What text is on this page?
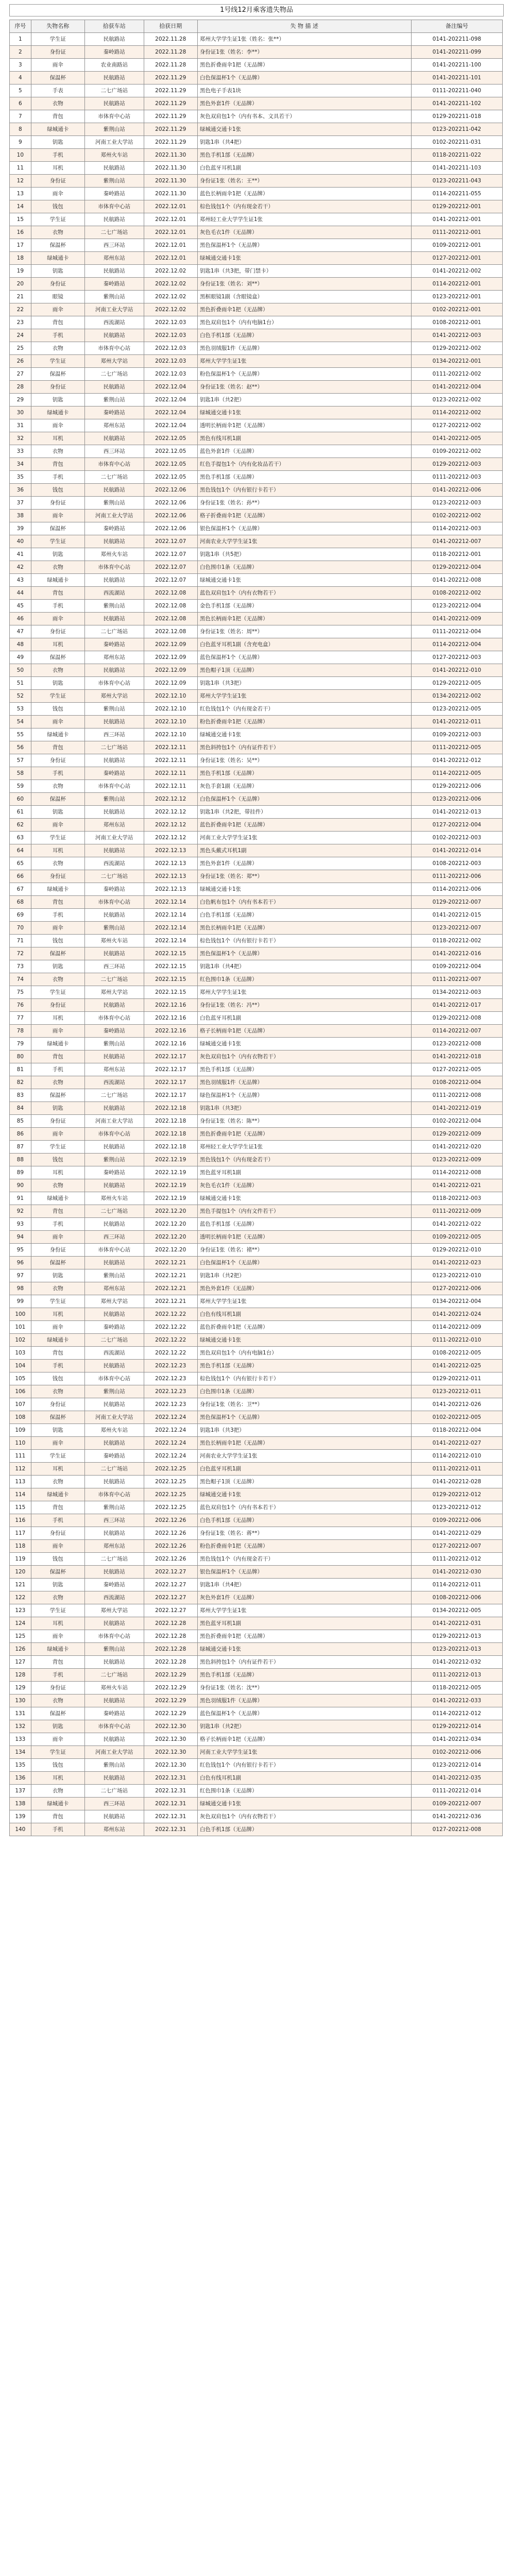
1号线12月乘客遗失物品
序号	失物名称	拾获车站	拾获日期	失 物 描 述	备注编号
1	学生证	民航路站	2022.11.28	郑州大学学生证1张（姓名：张**）	0141-202211-098
2	身份证	秦岭路站	2022.11.28	身份证1张（姓名：李**）	0141-202211-099
3	雨伞	农业南路站	2022.11.28	黑色折叠雨伞1把（无品牌）	0141-202211-100
4	保温杯	民航路站	2022.11.29	白色保温杯1个（无品牌）	0141-202211-101
5	手表	二七广场站	2022.11.29	黑色电子手表1块	0111-202211-040
6	衣物	民航路站	2022.11.29	黑色外套1件（无品牌）	0141-202211-102
7	背包	市体育中心站	2022.11.29	灰色双肩包1个（内有书本、文具若干）	0129-202211-018
8	绿城通卡	紫荆山站	2022.11.29	绿城通交通卡1张	0123-202211-042
9	钥匙	河南工业大学站	2022.11.29	钥匙1串（共4把）	0102-202211-031
10	手机	郑州火车站	2022.11.30	黑色手机1部（无品牌）	0118-202211-022
11	耳机	民航路站	2022.11.30	白色蓝牙耳机1副	0141-202211-103
12	身份证	紫荆山站	2022.11.30	身份证1张（姓名：王**）	0123-202211-043
13	雨伞	秦岭路站	2022.11.30	蓝色长柄雨伞1把（无品牌）	0114-202211-055
14	钱包	市体育中心站	2022.12.01	棕色钱包1个（内有现金若干）	0129-202212-001
15	学生证	民航路站	2022.12.01	郑州轻工业大学学生证1张	0141-202212-001
16	衣物	二七广场站	2022.12.01	灰色毛衣1件（无品牌）	0111-202212-001
17	保温杯	西三环站	2022.12.01	黑色保温杯1个（无品牌）	0109-202212-001
18	绿城通卡	郑州东站	2022.12.01	绿城通交通卡1张	0127-202212-001
19	钥匙	民航路站	2022.12.02	钥匙1串（共3把，带门禁卡）	0141-202212-002
20	身份证	秦岭路站	2022.12.02	身份证1张（姓名：刘**）	0114-202212-001
21	眼镜	紫荆山站	2022.12.02	黑框眼镜1副（含眼镜盒）	0123-202212-001
22	雨伞	河南工业大学站	2022.12.02	黑色折叠雨伞1把（无品牌）	0102-202212-001
23	背包	西流湖站	2022.12.03	黑色双肩包1个（内有电脑1台）	0108-202212-001
24	手机	民航路站	2022.12.03	白色手机1部（无品牌）	0141-202212-003
25	衣物	市体育中心站	2022.12.03	黑色羽绒服1件（无品牌）	0129-202212-002
26	学生证	郑州大学站	2022.12.03	郑州大学学生证1张	0134-202212-001
27	保温杯	二七广场站	2022.12.03	粉色保温杯1个（无品牌）	0111-202212-002
28	身份证	民航路站	2022.12.04	身份证1张（姓名：赵**）	0141-202212-004
29	钥匙	紫荆山站	2022.12.04	钥匙1串（共2把）	0123-202212-002
30	绿城通卡	秦岭路站	2022.12.04	绿城通交通卡1张	0114-202212-002
31	雨伞	郑州东站	2022.12.04	透明长柄雨伞1把（无品牌）	0127-202212-002
32	耳机	民航路站	2022.12.05	黑色有线耳机1副	0141-202212-005
33	衣物	西三环站	2022.12.05	蓝色外套1件（无品牌）	0109-202212-002
34	背包	市体育中心站	2022.12.05	红色手提包1个（内有化妆品若干）	0129-202212-003
35	手机	二七广场站	2022.12.05	黑色手机1部（无品牌）	0111-202212-003
36	钱包	民航路站	2022.12.06	黑色钱包1个（内有银行卡若干）	0141-202212-006
37	身份证	紫荆山站	2022.12.06	身份证1张（姓名：孙**）	0123-202212-003
38	雨伞	河南工业大学站	2022.12.06	格子折叠雨伞1把（无品牌）	0102-202212-002
39	保温杯	秦岭路站	2022.12.06	银色保温杯1个（无品牌）	0114-202212-003
40	学生证	民航路站	2022.12.07	河南农业大学学生证1张	0141-202212-007
41	钥匙	郑州火车站	2022.12.07	钥匙1串（共5把）	0118-202212-001
42	衣物	市体育中心站	2022.12.07	白色围巾1条（无品牌）	0129-202212-004
43	绿城通卡	民航路站	2022.12.07	绿城通交通卡1张	0141-202212-008
44	背包	西流湖站	2022.12.08	蓝色双肩包1个（内有衣物若干）	0108-202212-002
45	手机	紫荆山站	2022.12.08	金色手机1部（无品牌）	0123-202212-004
46	雨伞	民航路站	2022.12.08	黑色长柄雨伞1把（无品牌）	0141-202212-009
47	身份证	二七广场站	2022.12.08	身份证1张（姓名：周**）	0111-202212-004
48	耳机	秦岭路站	2022.12.09	白色蓝牙耳机1副（含充电盒）	0114-202212-004
49	保温杯	郑州东站	2022.12.09	蓝色保温杯1个（无品牌）	0127-202212-003
50	衣物	民航路站	2022.12.09	黑色帽子1顶（无品牌）	0141-202212-010
51	钥匙	市体育中心站	2022.12.09	钥匙1串（共3把）	0129-202212-005
52	学生证	郑州大学站	2022.12.10	郑州大学学生证1张	0134-202212-002
53	钱包	紫荆山站	2022.12.10	红色钱包1个（内有现金若干）	0123-202212-005
54	雨伞	民航路站	2022.12.10	粉色折叠雨伞1把（无品牌）	0141-202212-011
55	绿城通卡	西三环站	2022.12.10	绿城通交通卡1张	0109-202212-003
56	背包	二七广场站	2022.12.11	黑色斜挎包1个（内有证件若干）	0111-202212-005
57	身份证	民航路站	2022.12.11	身份证1张（姓名：吴**）	0141-202212-012
58	手机	秦岭路站	2022.12.11	黑色手机1部（无品牌）	0114-202212-005
59	衣物	市体育中心站	2022.12.11	灰色手套1副（无品牌）	0129-202212-006
60	保温杯	紫荆山站	2022.12.12	白色保温杯1个（无品牌）	0123-202212-006
61	钥匙	民航路站	2022.12.12	钥匙1串（共2把，带挂件）	0141-202212-013
62	雨伞	郑州东站	2022.12.12	蓝色折叠雨伞1把（无品牌）	0127-202212-004
63	学生证	河南工业大学站	2022.12.12	河南工业大学学生证1张	0102-202212-003
64	耳机	民航路站	2022.12.13	黑色头戴式耳机1副	0141-202212-014
65	衣物	西流湖站	2022.12.13	黑色外套1件（无品牌）	0108-202212-003
66	身份证	二七广场站	2022.12.13	身份证1张（姓名：郑**）	0111-202212-006
67	绿城通卡	秦岭路站	2022.12.13	绿城通交通卡1张	0114-202212-006
68	背包	市体育中心站	2022.12.14	白色帆布包1个（内有书本若干）	0129-202212-007
69	手机	民航路站	2022.12.14	白色手机1部（无品牌）	0141-202212-015
70	雨伞	紫荆山站	2022.12.14	黑色长柄雨伞1把（无品牌）	0123-202212-007
71	钱包	郑州火车站	2022.12.14	棕色钱包1个（内有银行卡若干）	0118-202212-002
72	保温杯	民航路站	2022.12.15	黑色保温杯1个（无品牌）	0141-202212-016
73	钥匙	西三环站	2022.12.15	钥匙1串（共4把）	0109-202212-004
74	衣物	二七广场站	2022.12.15	红色围巾1条（无品牌）	0111-202212-007
75	学生证	郑州大学站	2022.12.15	郑州大学学生证1张	0134-202212-003
76	身份证	民航路站	2022.12.16	身份证1张（姓名：冯**）	0141-202212-017
77	耳机	市体育中心站	2022.12.16	白色蓝牙耳机1副	0129-202212-008
78	雨伞	秦岭路站	2022.12.16	格子长柄雨伞1把（无品牌）	0114-202212-007
79	绿城通卡	紫荆山站	2022.12.16	绿城通交通卡1张	0123-202212-008
80	背包	民航路站	2022.12.17	灰色双肩包1个（内有衣物若干）	0141-202212-018
81	手机	郑州东站	2022.12.17	黑色手机1部（无品牌）	0127-202212-005
82	衣物	西流湖站	2022.12.17	黑色羽绒服1件（无品牌）	0108-202212-004
83	保温杯	二七广场站	2022.12.17	绿色保温杯1个（无品牌）	0111-202212-008
84	钥匙	民航路站	2022.12.18	钥匙1串（共3把）	0141-202212-019
85	身份证	河南工业大学站	2022.12.18	身份证1张（姓名：陈**）	0102-202212-004
86	雨伞	市体育中心站	2022.12.18	黑色折叠雨伞1把（无品牌）	0129-202212-009
87	学生证	民航路站	2022.12.18	郑州轻工业大学学生证1张	0141-202212-020
88	钱包	紫荆山站	2022.12.19	黑色钱包1个（内有现金若干）	0123-202212-009
89	耳机	秦岭路站	2022.12.19	黑色蓝牙耳机1副	0114-202212-008
90	衣物	民航路站	2022.12.19	灰色毛衣1件（无品牌）	0141-202212-021
91	绿城通卡	郑州火车站	2022.12.19	绿城通交通卡1张	0118-202212-003
92	背包	二七广场站	2022.12.20	黑色手提包1个（内有文件若干）	0111-202212-009
93	手机	民航路站	2022.12.20	蓝色手机1部（无品牌）	0141-202212-022
94	雨伞	西三环站	2022.12.20	透明长柄雨伞1把（无品牌）	0109-202212-005
95	身份证	市体育中心站	2022.12.20	身份证1张（姓名：褚**）	0129-202212-010
96	保温杯	民航路站	2022.12.21	白色保温杯1个（无品牌）	0141-202212-023
97	钥匙	紫荆山站	2022.12.21	钥匙1串（共2把）	0123-202212-010
98	衣物	郑州东站	2022.12.21	黑色外套1件（无品牌）	0127-202212-006
99	学生证	郑州大学站	2022.12.21	郑州大学学生证1张	0134-202212-004
100	耳机	民航路站	2022.12.22	白色有线耳机1副	0141-202212-024
101	雨伞	秦岭路站	2022.12.22	蓝色折叠雨伞1把（无品牌）	0114-202212-009
102	绿城通卡	二七广场站	2022.12.22	绿城通交通卡1张	0111-202212-010
103	背包	西流湖站	2022.12.22	黑色双肩包1个（内有电脑1台）	0108-202212-005
104	手机	民航路站	2022.12.23	黑色手机1部（无品牌）	0141-202212-025
105	钱包	市体育中心站	2022.12.23	棕色钱包1个（内有银行卡若干）	0129-202212-011
106	衣物	紫荆山站	2022.12.23	白色围巾1条（无品牌）	0123-202212-011
107	身份证	民航路站	2022.12.23	身份证1张（姓名：卫**）	0141-202212-026
108	保温杯	河南工业大学站	2022.12.24	黑色保温杯1个（无品牌）	0102-202212-005
109	钥匙	郑州火车站	2022.12.24	钥匙1串（共3把）	0118-202212-004
110	雨伞	民航路站	2022.12.24	黑色长柄雨伞1把（无品牌）	0141-202212-027
111	学生证	秦岭路站	2022.12.24	河南农业大学学生证1张	0114-202212-010
112	耳机	二七广场站	2022.12.25	白色蓝牙耳机1副	0111-202212-011
113	衣物	民航路站	2022.12.25	黑色帽子1顶（无品牌）	0141-202212-028
114	绿城通卡	市体育中心站	2022.12.25	绿城通交通卡1张	0129-202212-012
115	背包	紫荆山站	2022.12.25	蓝色双肩包1个（内有书本若干）	0123-202212-012
116	手机	西三环站	2022.12.26	白色手机1部（无品牌）	0109-202212-006
117	身份证	民航路站	2022.12.26	身份证1张（姓名：蒋**）	0141-202212-029
118	雨伞	郑州东站	2022.12.26	粉色折叠雨伞1把（无品牌）	0127-202212-007
119	钱包	二七广场站	2022.12.26	黑色钱包1个（内有现金若干）	0111-202212-012
120	保温杯	民航路站	2022.12.27	银色保温杯1个（无品牌）	0141-202212-030
121	钥匙	秦岭路站	2022.12.27	钥匙1串（共4把）	0114-202212-011
122	衣物	西流湖站	2022.12.27	灰色外套1件（无品牌）	0108-202212-006
123	学生证	郑州大学站	2022.12.27	郑州大学学生证1张	0134-202212-005
124	耳机	民航路站	2022.12.28	黑色蓝牙耳机1副	0141-202212-031
125	雨伞	市体育中心站	2022.12.28	黑色折叠雨伞1把（无品牌）	0129-202212-013
126	绿城通卡	紫荆山站	2022.12.28	绿城通交通卡1张	0123-202212-013
127	背包	民航路站	2022.12.28	黑色斜挎包1个（内有证件若干）	0141-202212-032
128	手机	二七广场站	2022.12.29	黑色手机1部（无品牌）	0111-202212-013
129	身份证	郑州火车站	2022.12.29	身份证1张（姓名：沈**）	0118-202212-005
130	衣物	民航路站	2022.12.29	黑色羽绒服1件（无品牌）	0141-202212-033
131	保温杯	秦岭路站	2022.12.29	蓝色保温杯1个（无品牌）	0114-202212-012
132	钥匙	市体育中心站	2022.12.30	钥匙1串（共2把）	0129-202212-014
133	雨伞	民航路站	2022.12.30	格子长柄雨伞1把（无品牌）	0141-202212-034
134	学生证	河南工业大学站	2022.12.30	河南工业大学学生证1张	0102-202212-006
135	钱包	紫荆山站	2022.12.30	红色钱包1个（内有银行卡若干）	0123-202212-014
136	耳机	民航路站	2022.12.31	白色有线耳机1副	0141-202212-035
137	衣物	二七广场站	2022.12.31	红色围巾1条（无品牌）	0111-202212-014
138	绿城通卡	西三环站	2022.12.31	绿城通交通卡1张	0109-202212-007
139	背包	民航路站	2022.12.31	灰色双肩包1个（内有衣物若干）	0141-202212-036
140	手机	郑州东站	2022.12.31	白色手机1部（无品牌）	0127-202212-008
